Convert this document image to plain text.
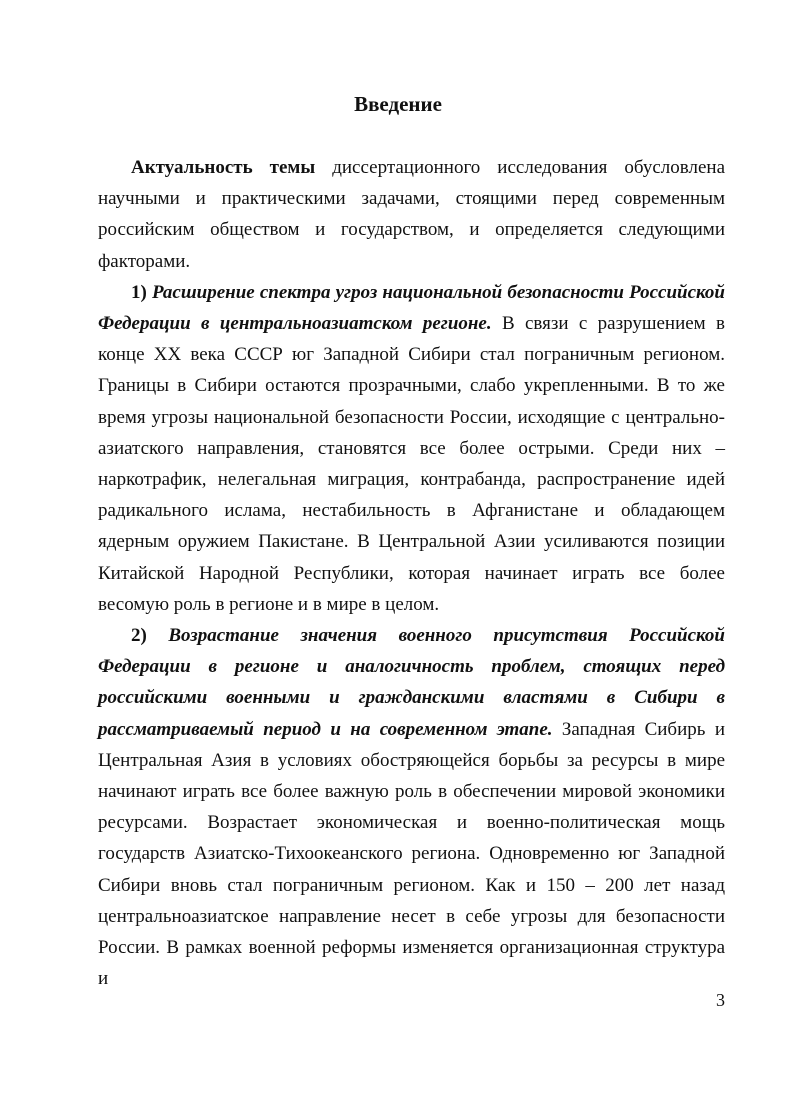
Введение

Актуальность темы диссертационного исследования обусловлена научными и практическими задачами, стоящими перед современным российским обществом и государством, и определяется следующими факторами.

1) Расширение спектра угроз национальной безопасности Российской Федерации в центральноазиатском регионе. В связи с разрушением в конце XX века СССР юг Западной Сибири стал пограничным регионом. Границы в Сибири остаются прозрачными, слабо укрепленными. В то же время угрозы национальной безопасности России, исходящие с центрально-азиатского направления, становятся все более острыми. Среди них – наркотрафик, нелегальная миграция, контрабанда, распространение идей радикального ислама, нестабильность в Афганистане и обладающем ядерным оружием Пакистане. В Центральной Азии усиливаются позиции Китайской Народной Республики, которая начинает играть все более весомую роль в регионе и в мире в целом.

2) Возрастание значения военного присутствия Российской Федерации в регионе и аналогичность проблем, стоящих перед российскими военными и гражданскими властями в Сибири в рассматриваемый период и на современном этапе. Западная Сибирь и Центральная Азия в условиях обостряющейся борьбы за ресурсы в мире начинают играть все более важную роль в обеспечении мировой экономики ресурсами. Возрастает экономическая и военно-политическая мощь государств Азиатско-Тихоокеанского региона. Одновременно юг Западной Сибири вновь стал пограничным регионом. Как и 150 – 200 лет назад центральноазиатское направление несет в себе угрозы для безопасности России. В рамках военной реформы изменяется организационная структура и

3
